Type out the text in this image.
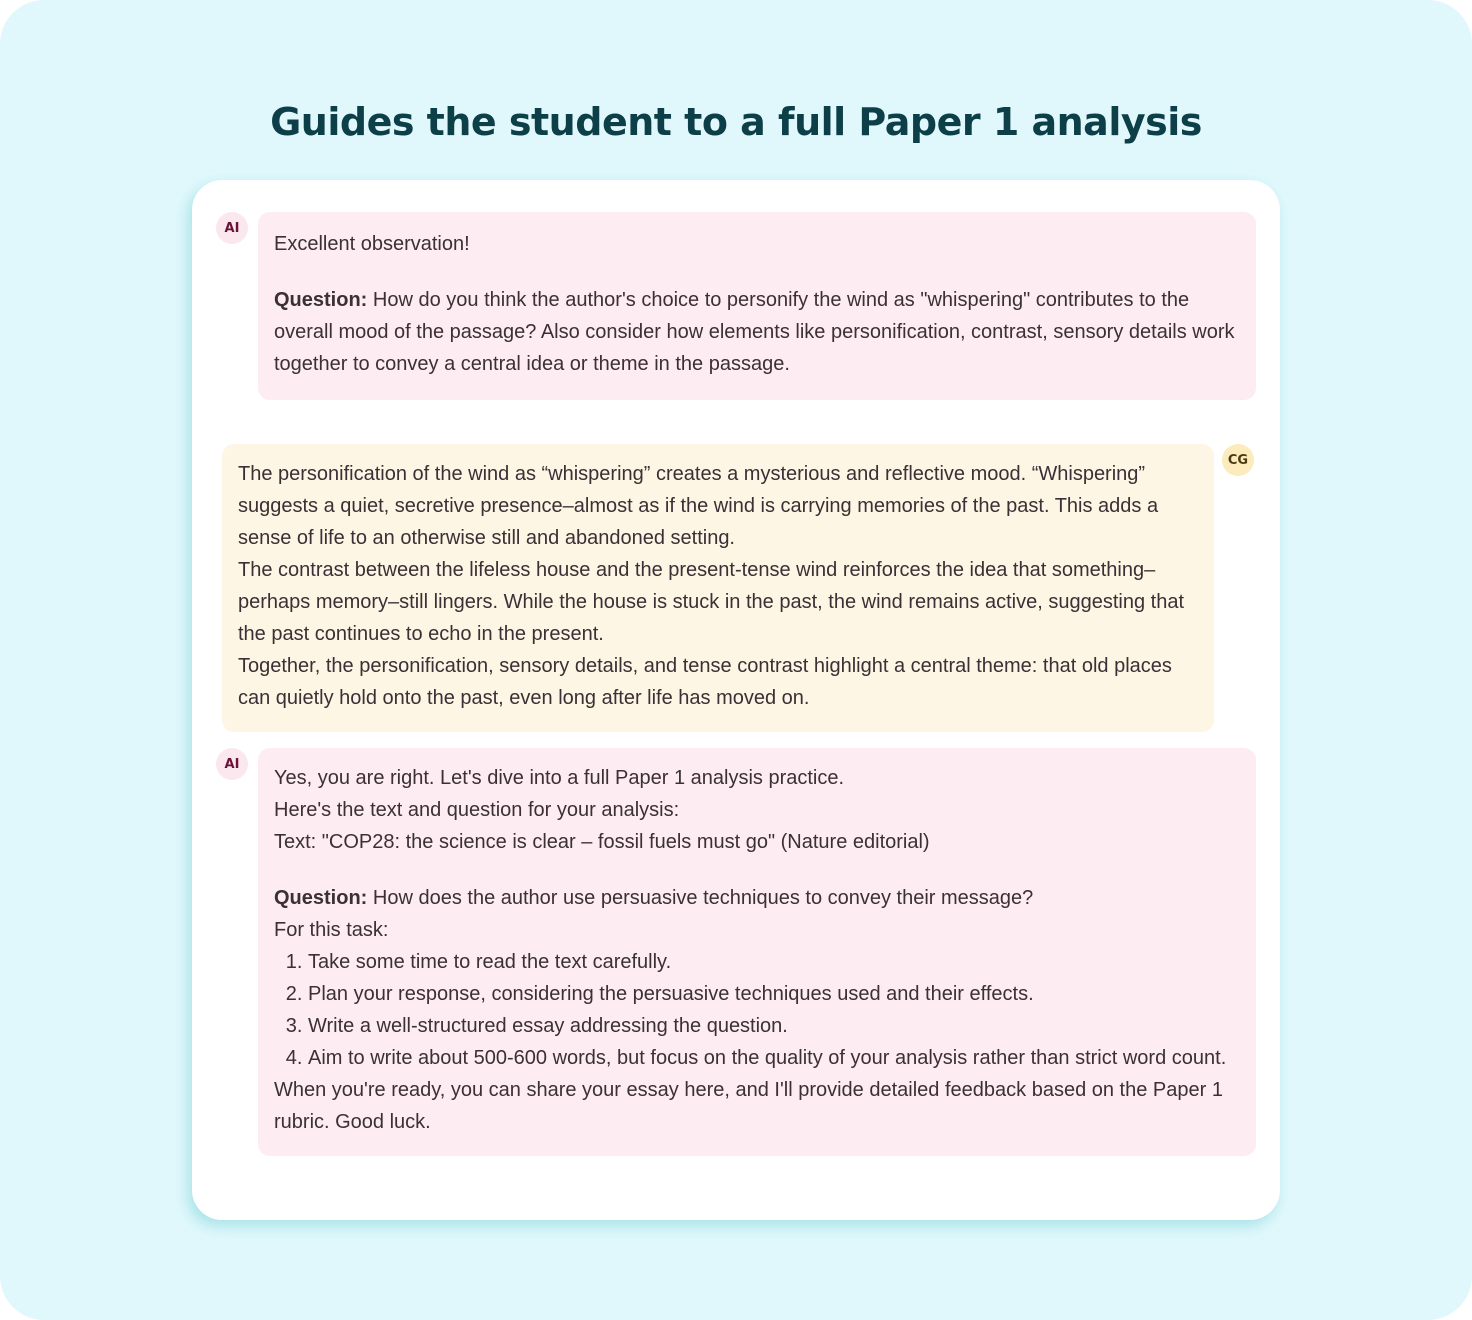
Guides the student to a full Paper 1 analysis
AI

Excellent observation!

Question: How do you think the author's choice to personify the wind as "whispering" contributes to the overall mood of the passage? Also consider how elements like personification, contrast, sensory details work together to convey a central idea or theme in the passage.

The personification of the wind as “whispering” creates a mysterious and reflective mood. “Whispering” suggests a quiet, secretive presence–almost as if the wind is carrying memories of the past. This adds a sense of life to an otherwise still and abandoned setting.

The contrast between the lifeless house and the present-tense wind reinforces the idea that something–perhaps memory–still lingers. While the house is stuck in the past, the wind remains active, suggesting that the past continues to echo in the present.

Together, the personification, sensory details, and tense contrast highlight a central theme: that old places can quietly hold onto the past, even long after life has moved on.

CG
AI

Yes, you are right. Let's dive into a full Paper 1 analysis practice.

Here's the text and question for your analysis:

Text: "COP28: the science is clear – fossil fuels must go" (Nature editorial)

Question: How does the author use persuasive techniques to convey their message?

For this task:

1. Take some time to read the text carefully.
2. Plan your response, considering the persuasive techniques used and their effects.
3. Write a well-structured essay addressing the question.
4. Aim to write about 500-600 words, but focus on the quality of your analysis rather than strict word count.

When you're ready, you can share your essay here, and I'll provide detailed feedback based on the Paper 1 rubric. Good luck.
